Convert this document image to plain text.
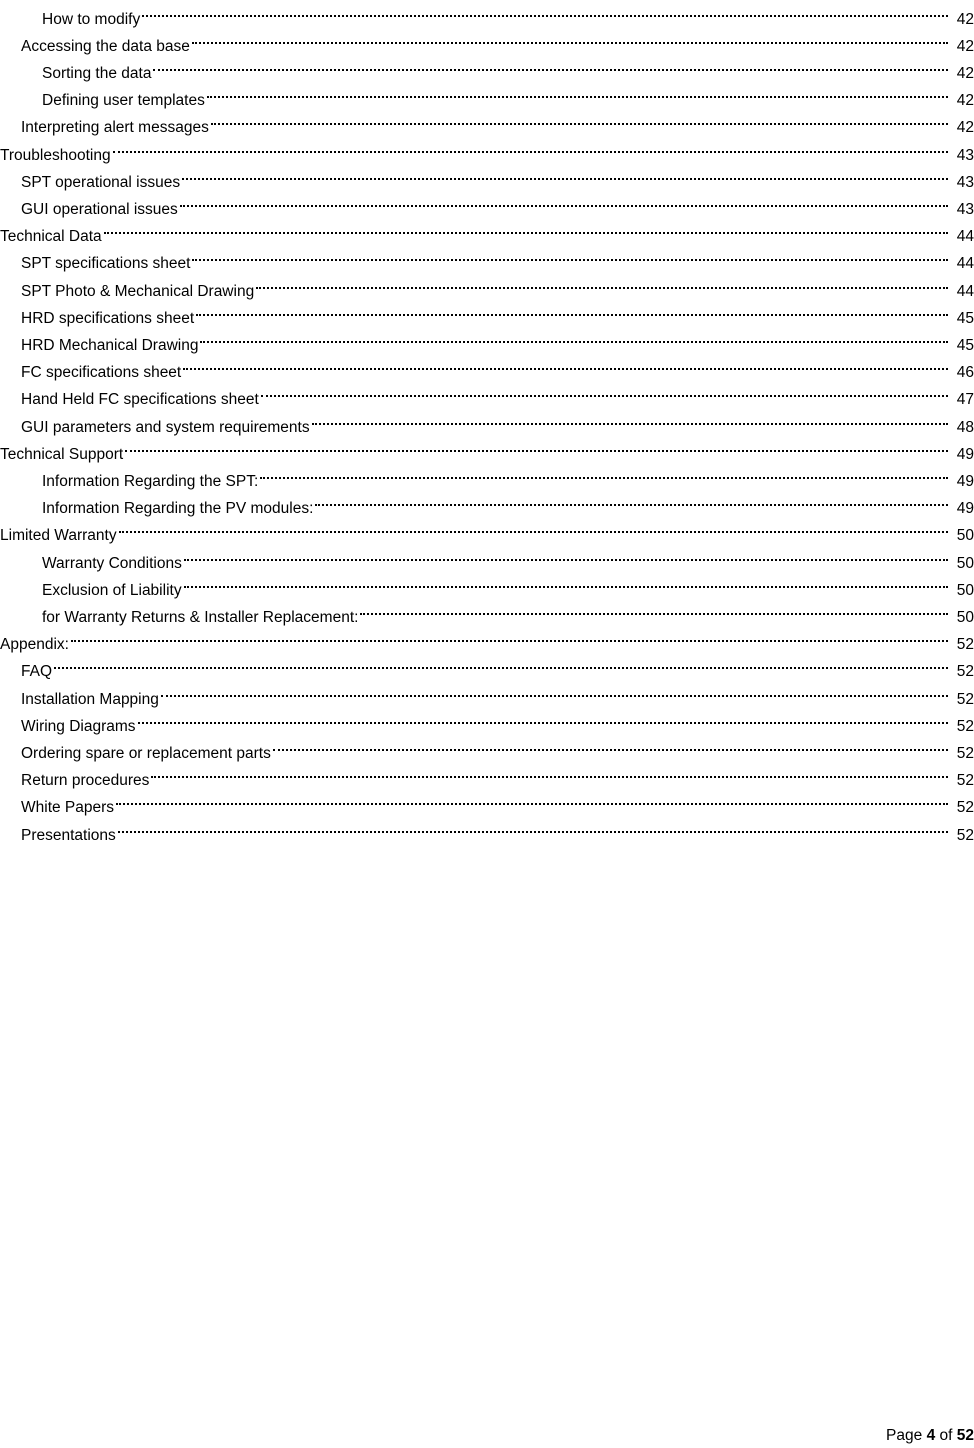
How to modify	42
Accessing the data base	42
Sorting the data	42
Defining user templates	42
Interpreting alert messages	42
Troubleshooting	43
SPT operational issues	43
GUI operational issues	43
Technical Data	44
SPT specifications sheet	44
SPT Photo & Mechanical Drawing	44
HRD specifications sheet	45
HRD Mechanical Drawing	45
FC specifications sheet	46
Hand Held FC specifications sheet	47
GUI parameters and system requirements	48
Technical Support	49
Information Regarding the SPT:	49
Information Regarding the PV modules:	49
Limited Warranty	50
Warranty Conditions	50
Exclusion of Liability	50
for Warranty Returns & Installer Replacement:	50
Appendix:	52
FAQ	52
Installation Mapping	52
Wiring Diagrams	52
Ordering spare or replacement parts	52
Return procedures	52
White Papers	52
Presentations	52
Page 4 of 52
